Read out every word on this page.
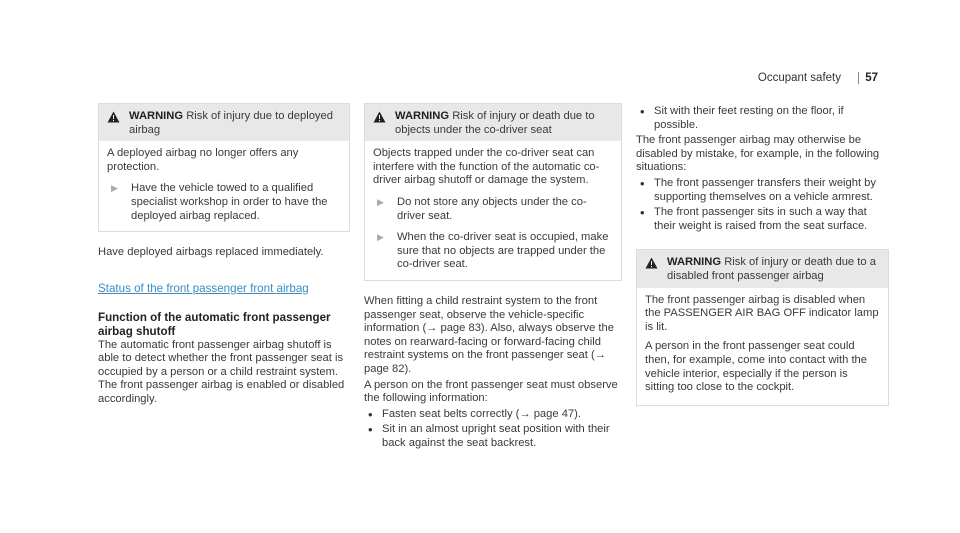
Occupant safety 57
WARNING Risk of injury due to deployed airbag

A deployed airbag no longer offers any protection.

▶	Have the vehicle towed to a qualified specialist workshop in order to have the deployed airbag replaced.

Have deployed airbags replaced immediately.

Status of the front passenger front airbag
Function of the automatic front passenger airbag shutoff

The automatic front passenger airbag shutoff is able to detect whether the front passenger seat is occupied by a person or a child restraint system. The front passenger airbag is enabled or disabled accordingly.

WARNING Risk of injury or death due to objects under the co-driver seat

Objects trapped under the co-driver seat can interfere with the function of the automatic co-driver airbag shutoff or damage the system.

▶	Do not store any objects under the co-driver seat.
▶	When the co-driver seat is occupied, make sure that no objects are trapped under the co-driver seat.

When fitting a child restraint system to the front passenger seat, observe the vehicle-specific information (→ page 83). Also, always observe the notes on rearward-facing or forward-facing child restraint systems on the front passenger seat (→ page 82).

A person on the front passenger seat must observe the following information:

• Fasten seat belts correctly (→ page 47).
• Sit in an almost upright seat position with their back against the seat backrest.
• Sit with their feet resting on the floor, if possible.

The front passenger airbag may otherwise be disabled by mistake, for example, in the following situations:

• The front passenger transfers their weight by supporting themselves on a vehicle armrest.
• The front passenger sits in such a way that their weight is raised from the seat surface.
WARNING Risk of injury or death due to a disabled front passenger airbag

The front passenger airbag is disabled when the PASSENGER AIR BAG OFF indicator lamp is lit.

A person in the front passenger seat could then, for example, come into contact with the vehicle interior, especially if the person is sitting too close to the cockpit.
